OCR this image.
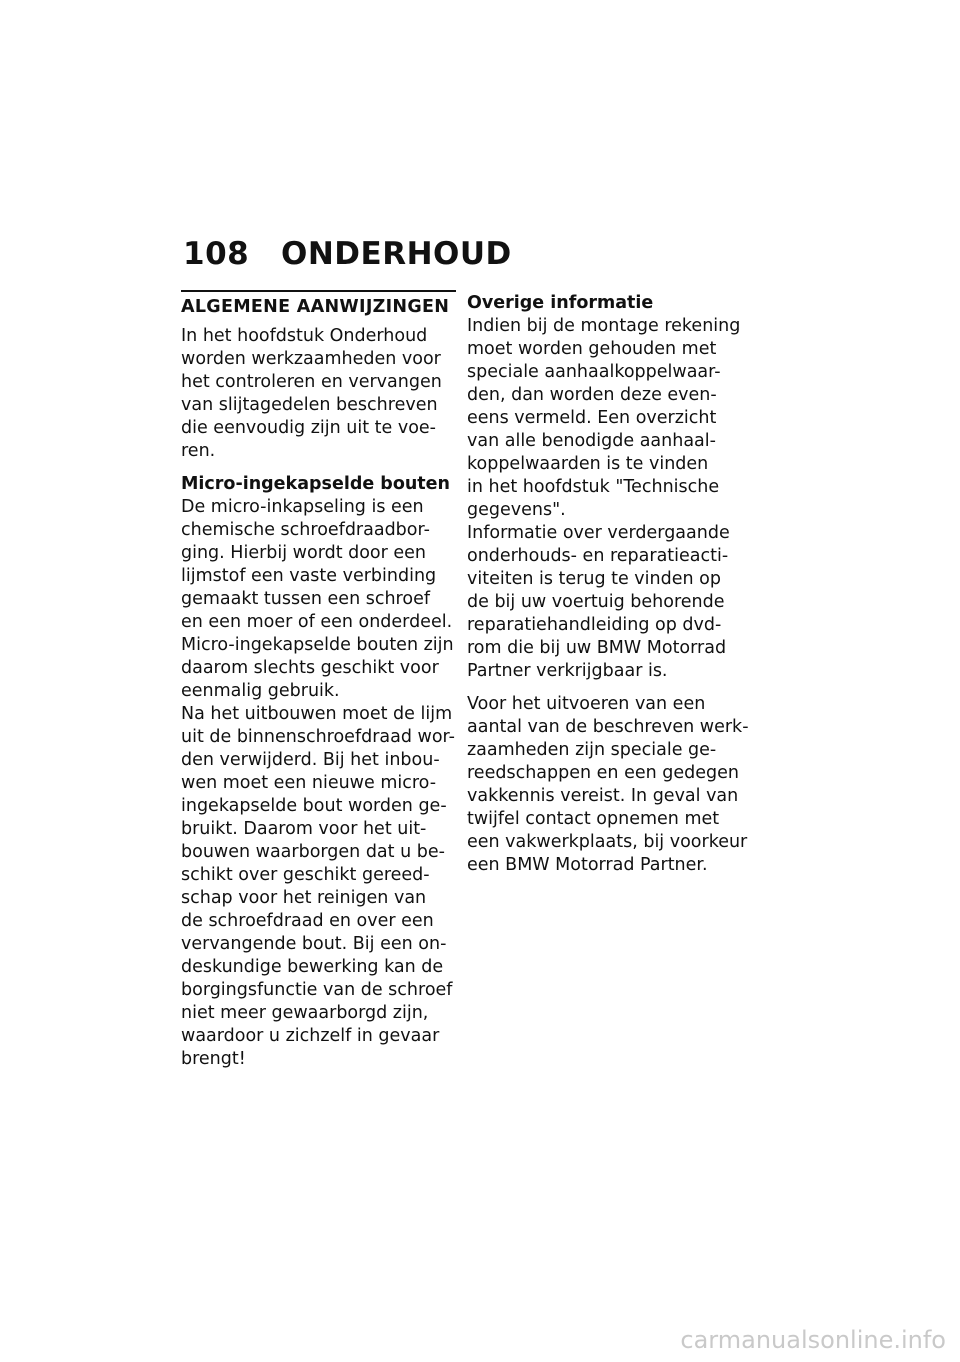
108 ONDERHOUD
ALGEMENE AANWIJZINGEN
In het hoofdstuk Onderhoud
worden werkzaamheden voor
het controleren en vervangen
van slijtagedelen beschreven
die eenvoudig zijn uit te voe-
ren.
Micro-ingekapselde bouten
De micro-inkapseling is een
chemische schroefdraadbor-
ging. Hierbij wordt door een
lijmstof een vaste verbinding
gemaakt tussen een schroef
en een moer of een onderdeel.
Micro-ingekapselde bouten zijn
daarom slechts geschikt voor
eenmalig gebruik.
Na het uitbouwen moet de lijm
uit de binnenschroefdraad wor-
den verwijderd. Bij het inbou-
wen moet een nieuwe micro-
ingekapselde bout worden ge-
bruikt. Daarom voor het uit-
bouwen waarborgen dat u be-
schikt over geschikt gereed-
schap voor het reinigen van
de schroefdraad en over een
vervangende bout. Bij een on-
deskundige bewerking kan de
borgingsfunctie van de schroef
niet meer gewaarborgd zijn,
waardoor u zichzelf in gevaar
brengt!
Overige informatie
Indien bij de montage rekening
moet worden gehouden met
speciale aanhaalkoppelwaar-
den, dan worden deze even-
eens vermeld. Een overzicht
van alle benodigde aanhaal-
koppelwaarden is te vinden
in het hoofdstuk "Technische
gegevens".
Informatie over verdergaande
onderhouds- en reparatieacti-
viteiten is terug te vinden op
de bij uw voertuig behorende
reparatiehandleiding op dvd-
rom die bij uw BMW Motorrad
Partner verkrijgbaar is.
Voor het uitvoeren van een
aantal van de beschreven werk-
zaamheden zijn speciale ge-
reedschappen en een gedegen
vakkennis vereist. In geval van
twijfel contact opnemen met
een vakwerkplaats, bij voorkeur
een BMW Motorrad Partner.
carmanualsonline.info
